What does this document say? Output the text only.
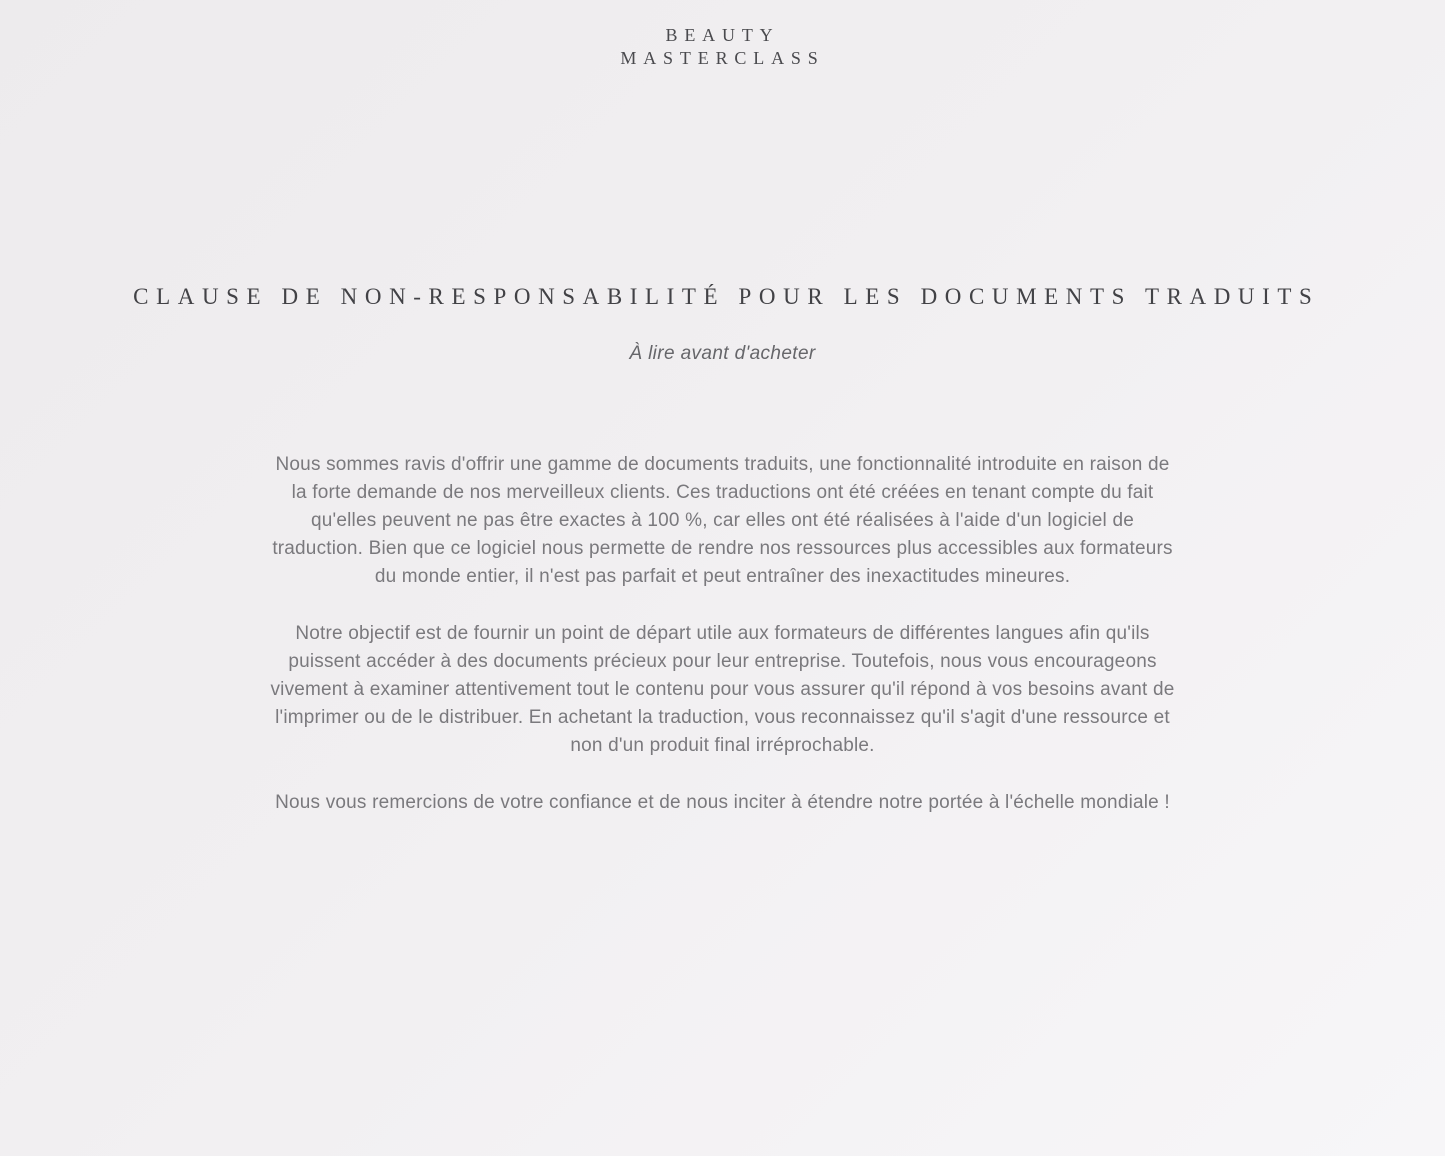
BEAUTY
MASTERCLASS
CLAUSE DE NON-RESPONSABILITÉ POUR LES DOCUMENTS TRADUITS

À lire avant d'acheter

Nous sommes ravis d'offrir une gamme de documents traduits, une fonctionnalité introduite en raison de la forte demande de nos merveilleux clients. Ces traductions ont été créées en tenant compte du fait qu'elles peuvent ne pas être exactes à 100 %, car elles ont été réalisées à l'aide d'un logiciel de traduction. Bien que ce logiciel nous permette de rendre nos ressources plus accessibles aux formateurs du monde entier, il n'est pas parfait et peut entraîner des inexactitudes mineures.

Notre objectif est de fournir un point de départ utile aux formateurs de différentes langues afin qu'ils puissent accéder à des documents précieux pour leur entreprise. Toutefois, nous vous encourageons vivement à examiner attentivement tout le contenu pour vous assurer qu'il répond à vos besoins avant de l'imprimer ou de le distribuer. En achetant la traduction, vous reconnaissez qu'il s'agit d'une ressource et non d'un produit final irréprochable.

Nous vous remercions de votre confiance et de nous inciter à étendre notre portée à l'échelle mondiale !
